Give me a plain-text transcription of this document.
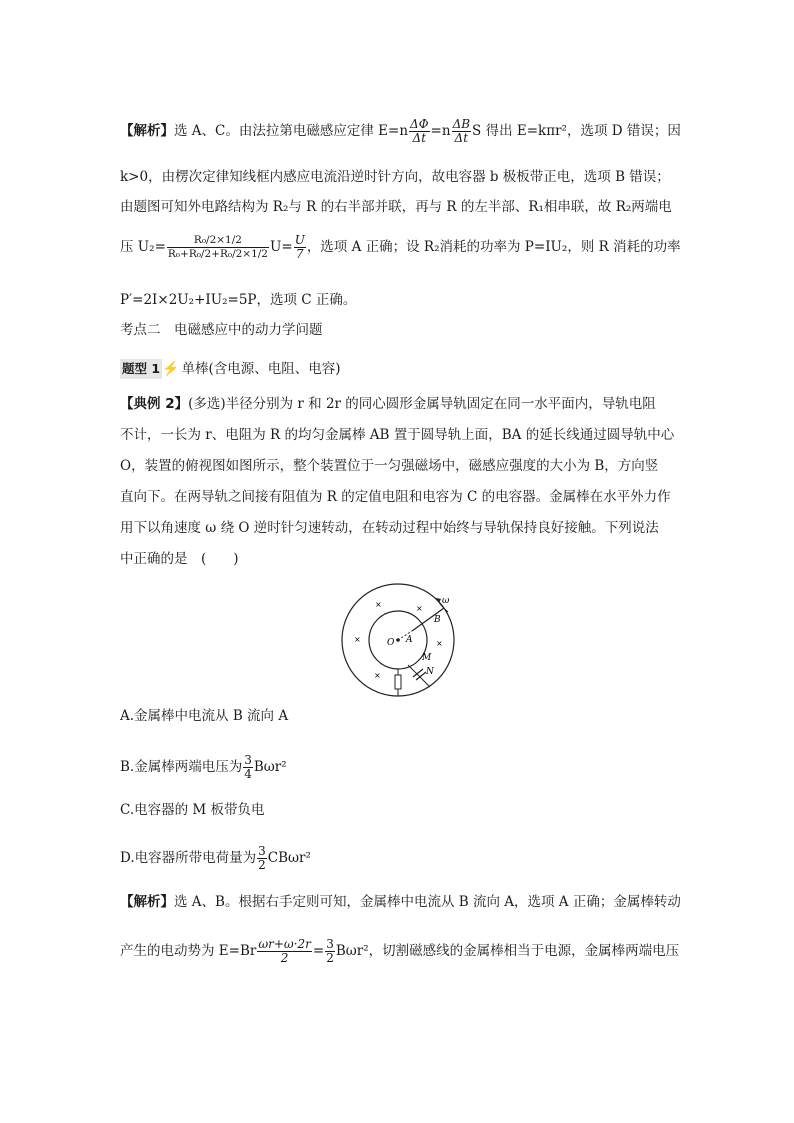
【解析】选 A、C。由法拉第电磁感应定律 $E=n \frac{\Delta\Phi}{\Delta t} =n \frac{\Delta B}{\Delta t}$ S 得出 E=kπr²，选项 D 错误；因
k>0，由楞次定律知线框内感应电流沿逆时针方向，故电容器 b 极板带正电，选项 B 错误；
由题图可知外电路结构为 R₂与 R 的右半部并联，再与 R 的左半部、R₁相串联，故 R₂两端电
压 $U_2= \frac{\text{R₀/2×1/2}}{\text{R₀+R₀/2+R₀/2×1/2}} U= \frac{U}{7}$ ，选项 A 正确；设 R₂消耗的功率为 P=IU₂，则 R 消耗的功率
P′=2I×2U₂+IU₂=5P，选项 C 正确。
考点二　电磁感应中的动力学问题
题型 1 ⚡ 单棒(含电源、电阻、电容)
【典例 2】(多选)半径分别为 r 和 2r 的同心圆形金属导轨固定在同一水平面内，导轨电阻
不计，一长为 r、电阻为 R 的均匀金属棒 AB 置于圆导轨上面，BA 的延长线通过圆导轨中心
O，装置的俯视图如图所示，整个装置位于一匀强磁场中，磁感应强度的大小为 B，方向竖
直向下。在两导轨之间接有阻值为 R 的定值电阻和电容为 C 的电容器。金属棒在水平外力作
用下以角速度 ω 绕 O 逆时针匀速转动，在转动过程中始终与导轨保持良好接触。下列说法
中正确的是　(　　)
ω
B
O A
M
N
×	×
×	×
×
A.金属棒中电流从 B 流向 A
B.金属棒两端电压为 $\frac{3}{4} B\omega r^2$
C.电容器的 M 板带负电
D.电容器所带电荷量为 $\frac{3}{2} CB\omega r^2$
【解析】选 A、B。根据右手定则可知，金属棒中电流从 B 流向 A，选项 A 正确；金属棒转动
产生的电动势为 $E=Br \frac{\omega r+\omega\cdot 2r}{2} = \frac{3}{2} B\omega r^2$，切割磁感线的金属棒相当于电源，金属棒两端电压
